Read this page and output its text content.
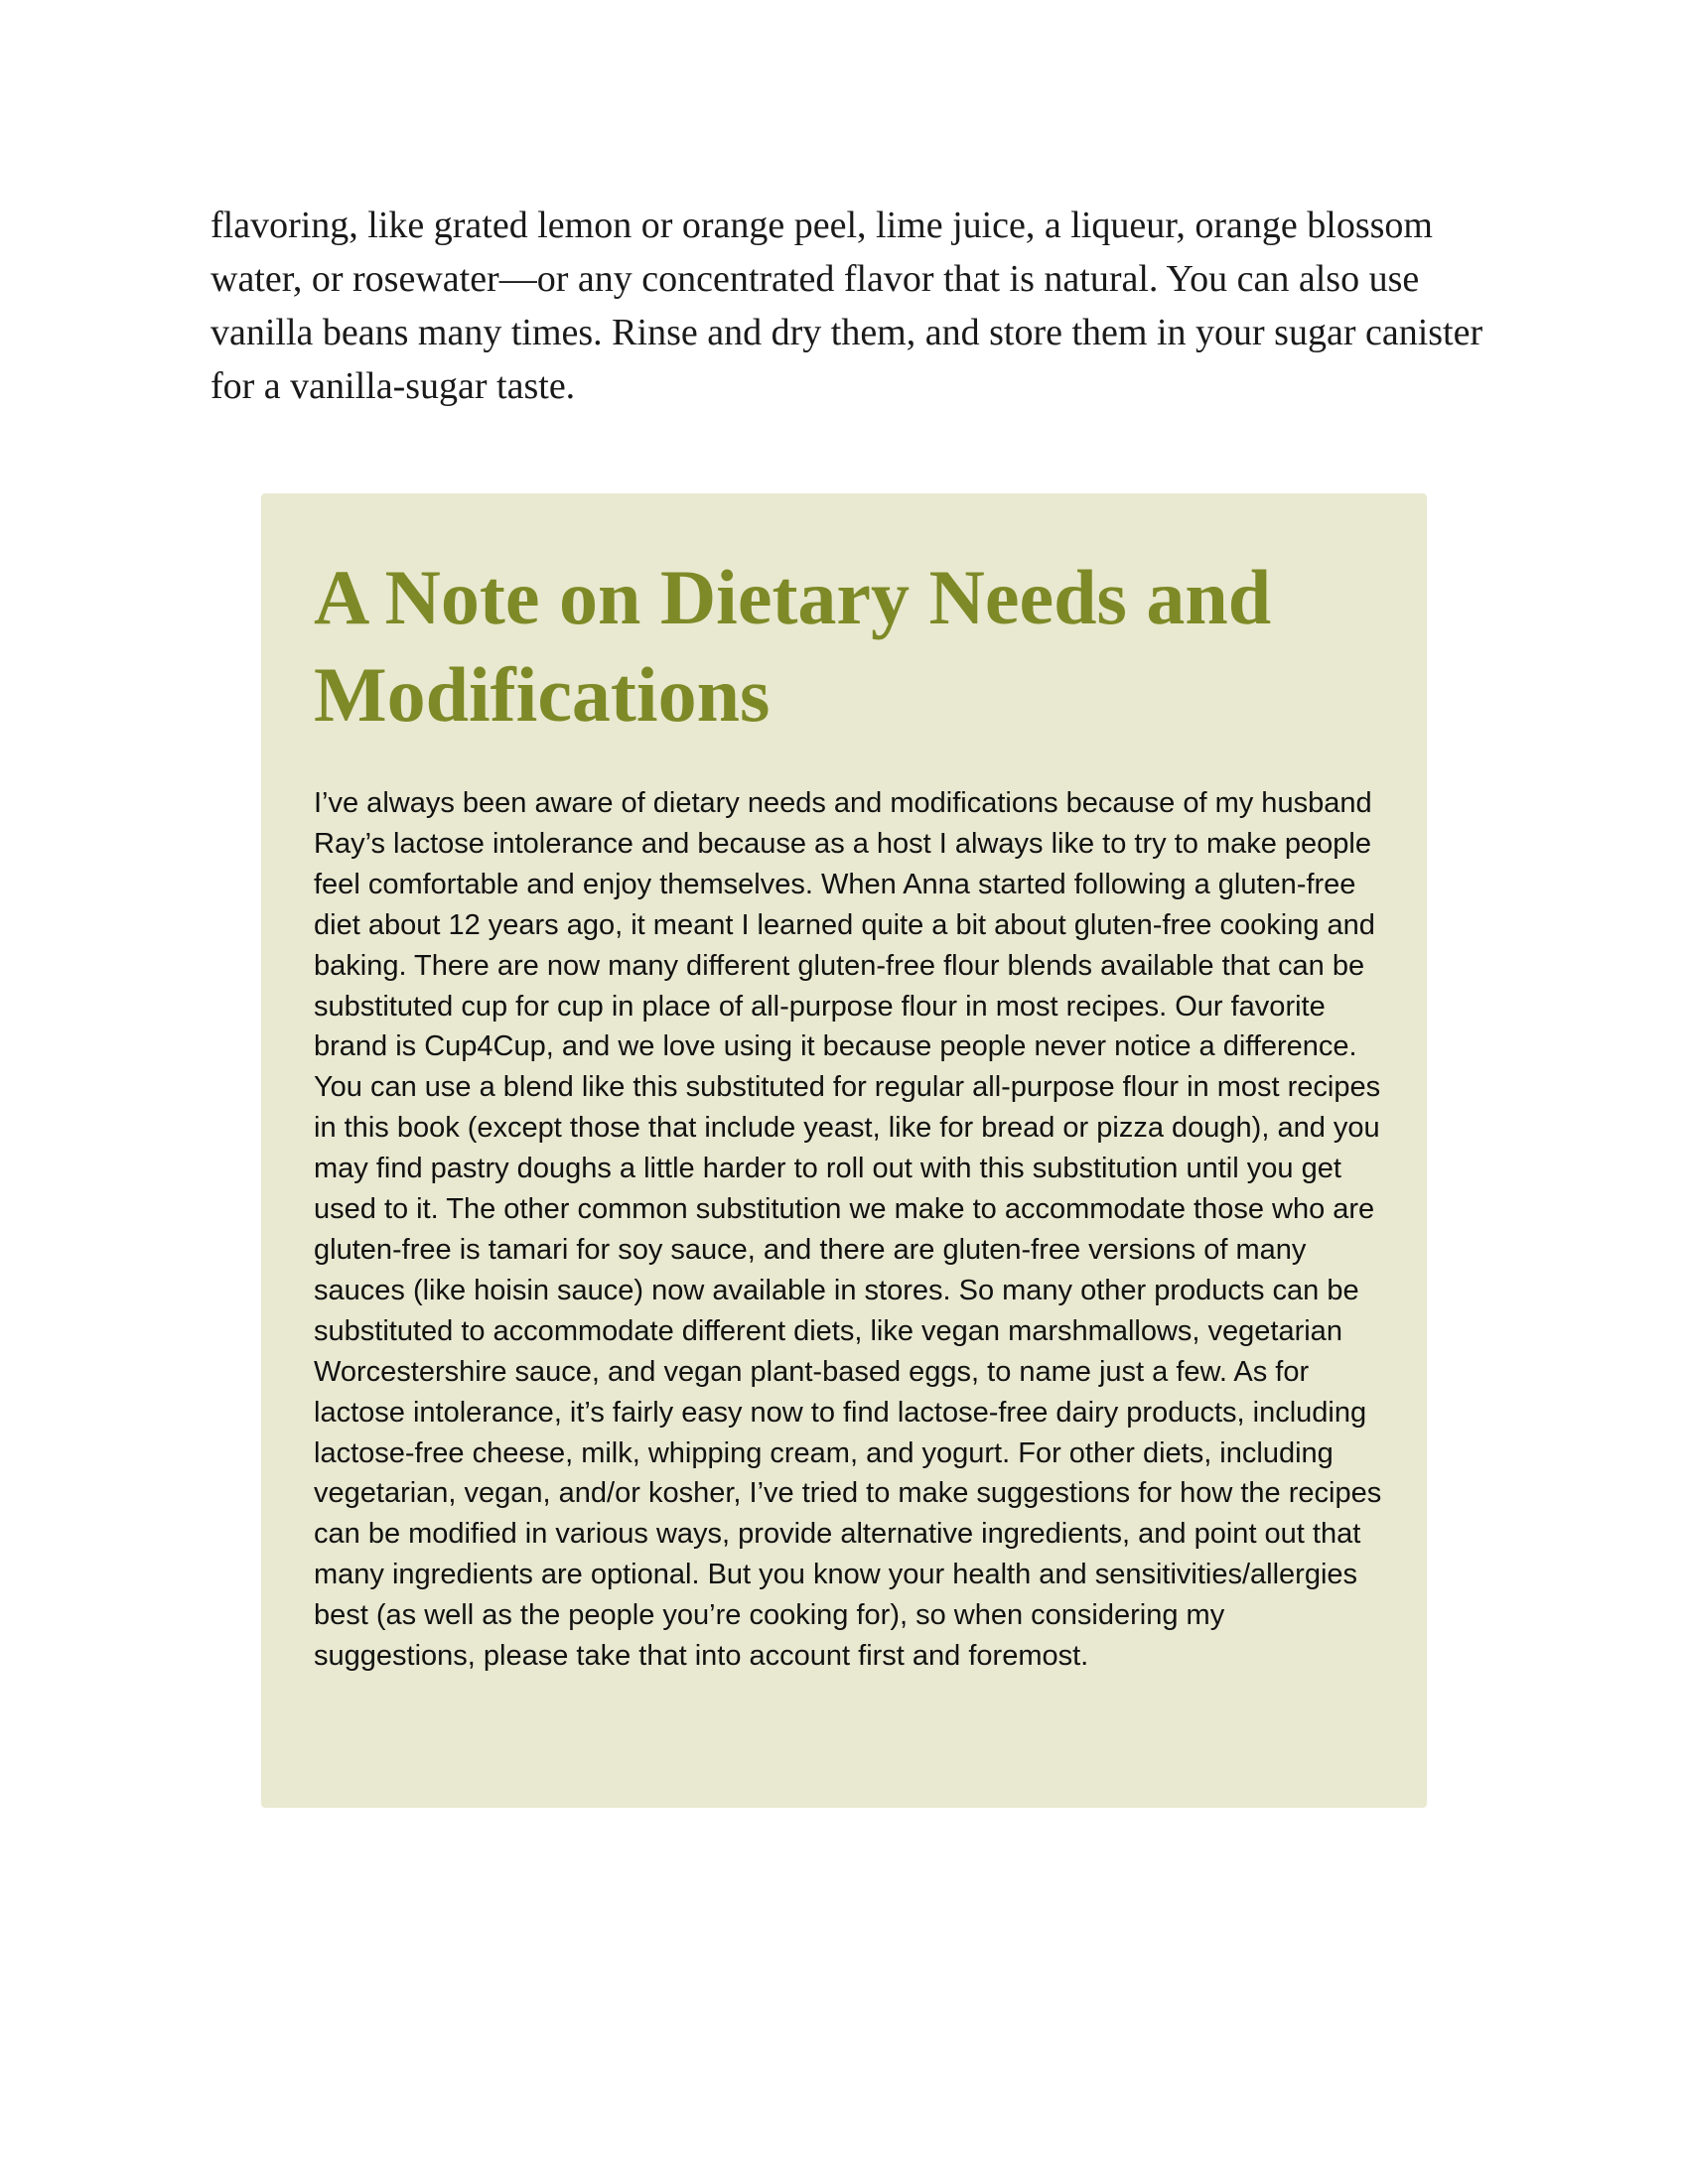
flavoring, like grated lemon or orange peel, lime juice, a liqueur, orange blossom water, or rosewater—or any concentrated flavor that is natural. You can also use vanilla beans many times. Rinse and dry them, and store them in your sugar canister for a vanilla-sugar taste.

A Note on Dietary Needs and Modifications

I’ve always been aware of dietary needs and modifications because of my husband Ray’s lactose intolerance and because as a host I always like to try to make people feel comfortable and enjoy themselves. When Anna started following a gluten-free diet about 12 years ago, it meant I learned quite a bit about gluten-free cooking and baking. There are now many different gluten-free flour blends available that can be substituted cup for cup in place of all-purpose flour in most recipes. Our favorite brand is Cup4Cup, and we love using it because people never notice a difference. You can use a blend like this substituted for regular all-purpose flour in most recipes in this book (except those that include yeast, like for bread or pizza dough), and you may find pastry doughs a little harder to roll out with this substitution until you get used to it. The other common substitution we make to accommodate those who are gluten-free is tamari for soy sauce, and there are gluten-free versions of many sauces (like hoisin sauce) now available in stores. So many other products can be substituted to accommodate different diets, like vegan marshmallows, vegetarian Worcestershire sauce, and vegan plant-based eggs, to name just a few. As for lactose intolerance, it’s fairly easy now to find lactose-free dairy products, including lactose-free cheese, milk, whipping cream, and yogurt. For other diets, including vegetarian, vegan, and/or kosher, I’ve tried to make suggestions for how the recipes can be modified in various ways, provide alternative ingredients, and point out that many ingredients are optional. But you know your health and sensitivities/allergies best (as well as the people you’re cooking for), so when considering my suggestions, please take that into account first and foremost.
